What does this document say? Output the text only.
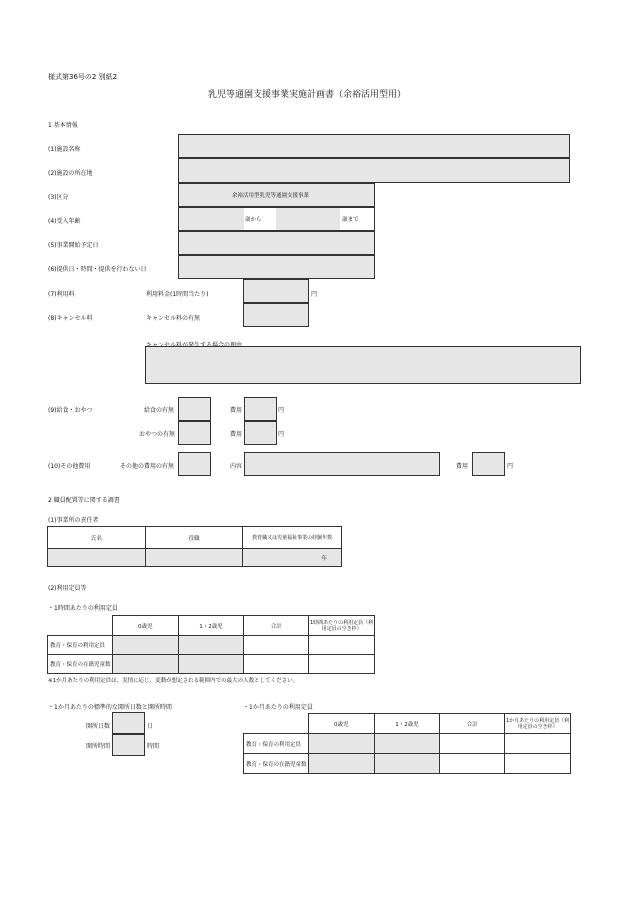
様式第36号の2 別紙2
乳児等通園支援事業実施計画書（余裕活用型用）
1 基本情報
(1)施設名称
(2)施設の所在地
(3)区分	余裕活用型乳児等通園支援事業
(4)受入年齢	歳から	歳まで
(5)事業開始予定日
(6)提供日・時間・提供を行わない日
(7)利用料	利用料金(1時間当たり)	円
(8)キャンセル料	キャンセル料の有無
(9)給食・おやつ	給食の有無	費用	円
おやつの有無	費用	円
(10)その他費用	その他の費用の有無	内容	費用	円
2 職員配置等に関する調書
(1)事業所の責任者
氏名	役職	教育職又は児童福祉事業の経験年数
		年
(2)利用定員等
・1時間あたりの利用定員
	0歳児	1・2歳児	合計	1時間あたりの利用定員（利用定員の空き枠）
教育・保育の利用定員				
教育・保育の在籍児童数				
※1か月あたりの利用定員は、実情に応じ、変動が想定される範囲内での最大の人数としてください。
・1か月あたりの標準的な開所日数と開所時間
開所日数	日
開所時間	時間
・1か月あたりの利用定員
	0歳児	1・2歳児	合計	1か月あたりの利用定員（利用定員の空き枠）
教育・保育の利用定員				
教育・保育の在籍児童数				
